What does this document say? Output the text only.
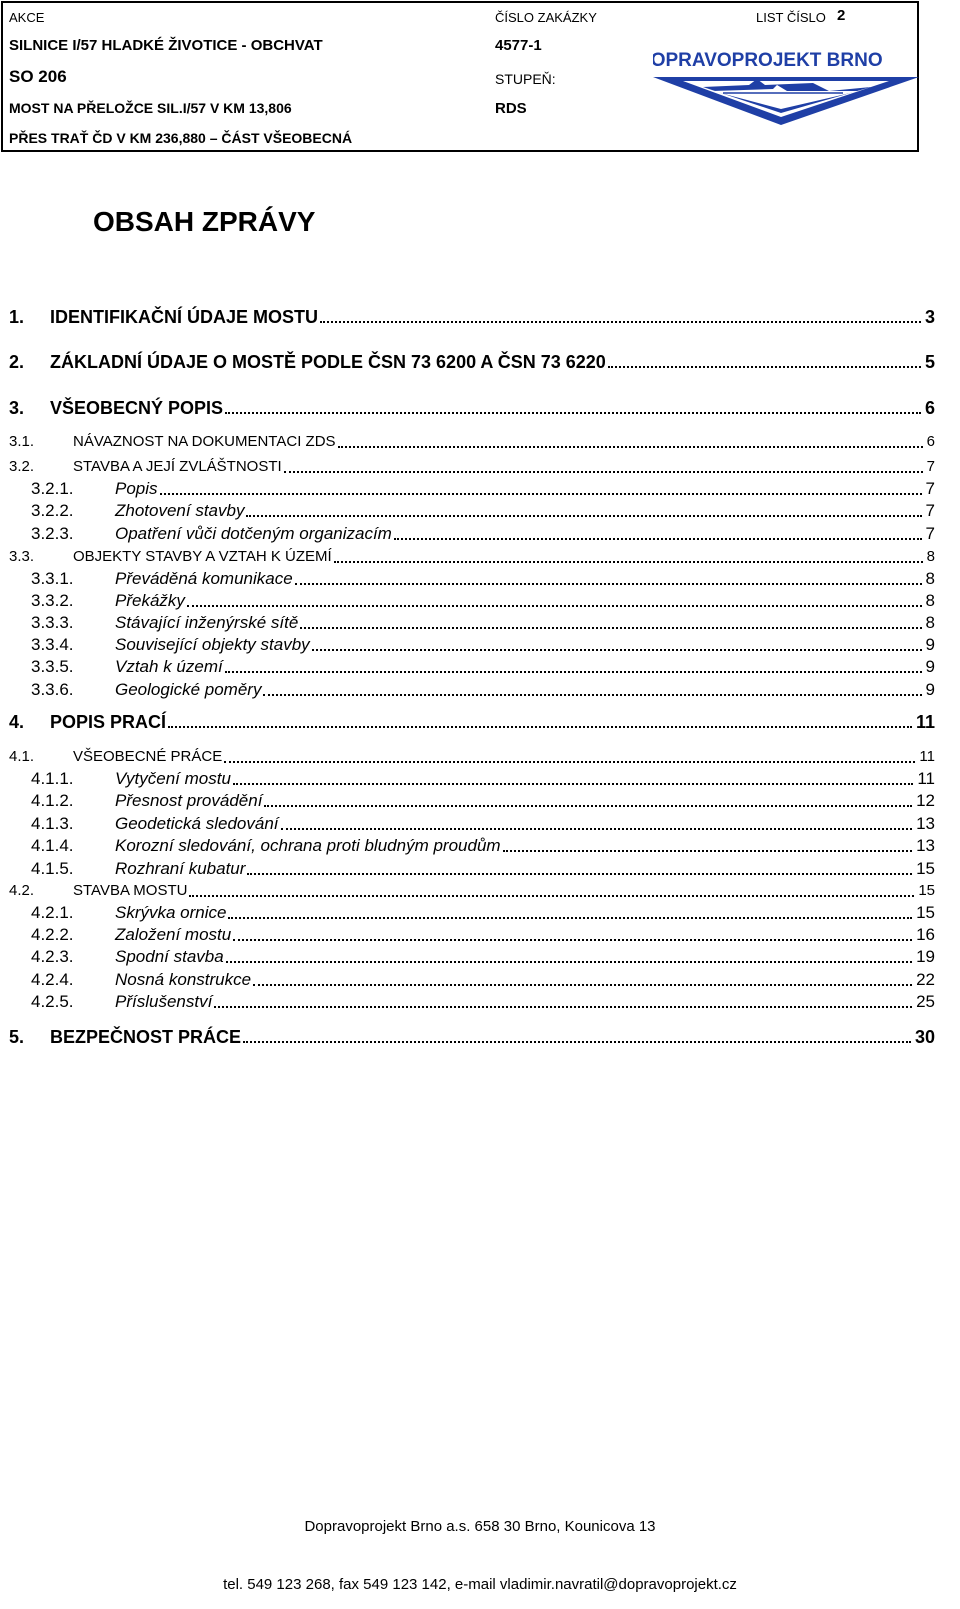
AKCE	ČÍSLO ZAKÁZKY	LIST ČÍSLO 2
SILNICE I/57 HLADKÉ ŽIVOTICE - OBCHVAT	4577-1
SO 206	STUPEŇ:
MOST NA PŘELOŽCE SIL.I/57 V KM 13,806	RDS
PŘES TRAŤ ČD V KM 236,880 – ČÁST VŠEOBECNÁ
DOPRAVOPROJEKT BRNO
OBSAH ZPRÁVY
1. IDENTIFIKAČNÍ ÚDAJE MOSTU	3
2. ZÁKLADNÍ ÚDAJE O MOSTĚ PODLE ČSN 73 6200 A ČSN 73 6220	5
3. VŠEOBECNÝ POPIS	6
3.1.	NÁVAZNOST NA DOKUMENTACI ZDS	6
3.2.	STAVBA A JEJÍ ZVLÁŠTNOSTI	7
3.2.1. Popis	7
3.2.2. Zhotovení stavby	7
3.2.3. Opatření vůči dotčeným organizacím	7
3.3.	OBJEKTY STAVBY A VZTAH K ÚZEMÍ	8
3.3.1. Převáděná komunikace	8
3.3.2. Překážky	8
3.3.3. Stávající inženýrské sítě	8
3.3.4. Související objekty stavby	9
3.3.5. Vztah k území	9
3.3.6. Geologické poměry	9
4. POPIS PRACÍ	11
4.1.	VŠEOBECNÉ PRÁCE	11
4.1.1. Vytyčení mostu	11
4.1.2. Přesnost provádění	12
4.1.3. Geodetická sledování	13
4.1.4. Korozní sledování, ochrana proti bludným proudům	13
4.1.5. Rozhraní kubatur	15
4.2.	STAVBA MOSTU	15
4.2.1. Skrývka ornice	15
4.2.2. Založení mostu	16
4.2.3. Spodní stavba	19
4.2.4. Nosná konstrukce	22
4.2.5. Příslušenství	25
5. BEZPEČNOST PRÁCE	30
Dopravoprojekt Brno a.s. 658 30 Brno, Kounicova 13
tel. 549 123 268, fax 549 123 142, e-mail vladimir.navratil@dopravoprojekt.cz
